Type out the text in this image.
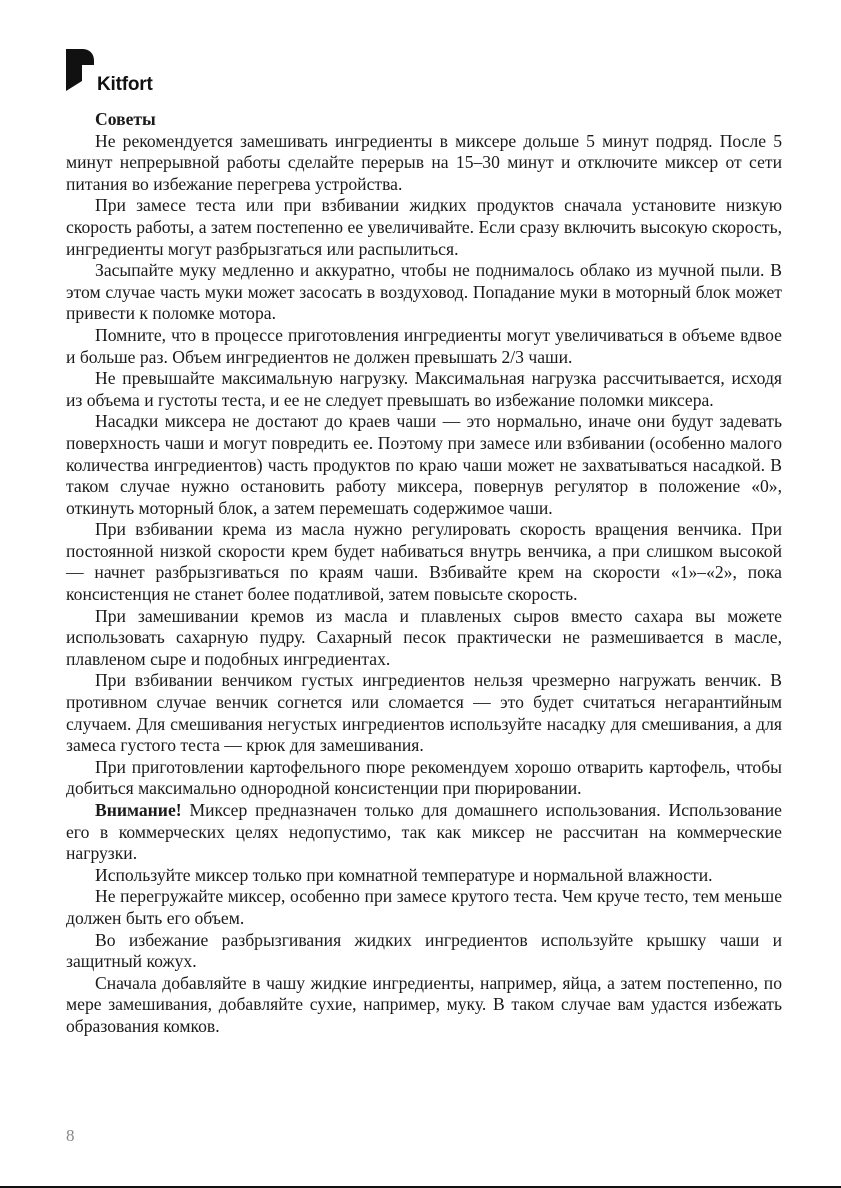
Kitfort
Советы

Не рекомендуется замешивать ингредиенты в миксере дольше 5 минут подряд. После 5 минут непрерывной работы сделайте перерыв на 15–30 минут и отключите миксер от сети питания во избежание перегрева устройства.

При замесе теста или при взбивании жидких продуктов сначала установите низкую скорость работы, а затем постепенно ее увеличивайте. Если сразу включить высокую скорость, ингредиенты могут разбрызгаться или распылиться.

Засыпайте муку медленно и аккуратно, чтобы не поднималось облако из мучной пыли. В этом случае часть муки может засосать в воздуховод. Попадание муки в моторный блок может привести к поломке мотора.

Помните, что в процессе приготовления ингредиенты могут увеличиваться в объеме вдвое и больше раз. Объем ингредиентов не должен превышать 2/3 чаши.

Не превышайте максимальную нагрузку. Максимальная нагрузка рассчитывается, исходя из объема и густоты теста, и ее не следует превышать во избежание поломки миксера.

Насадки миксера не достают до краев чаши — это нормально, иначе они будут задевать поверхность чаши и могут повредить ее. Поэтому при замесе или взбивании (особенно малого количества ингредиентов) часть продуктов по краю чаши может не захватываться насадкой. В таком случае нужно остановить работу миксера, повернув регулятор в положение «0», откинуть моторный блок, а затем перемешать содержимое чаши.

При взбивании крема из масла нужно регулировать скорость вращения венчика. При постоянной низкой скорости крем будет набиваться внутрь венчика, а при слишком высокой — начнет разбрызгиваться по краям чаши. Взбивайте крем на скорости «1»–«2», пока консистенция не станет более податливой, затем повысьте скорость.

При замешивании кремов из масла и плавленых сыров вместо сахара вы можете использовать сахарную пудру. Сахарный песок практически не размешивается в масле, плавленом сыре и подобных ингредиентах.

При взбивании венчиком густых ингредиентов нельзя чрезмерно нагружать венчик. В противном случае венчик согнется или сломается — это будет считаться негарантийным случаем. Для смешивания негустых ингредиентов используйте насадку для смешивания, а для замеса густого теста — крюк для замешивания.

При приготовлении картофельного пюре рекомендуем хорошо отварить картофель, чтобы добиться максимально однородной консистенции при пюрировании.

Внимание! Миксер предназначен только для домашнего использования. Использование его в коммерческих целях недопустимо, так как миксер не рассчитан на коммерческие нагрузки.

Используйте миксер только при комнатной температуре и нормальной влажности.

Не перегружайте миксер, особенно при замесе крутого теста. Чем круче тесто, тем меньше должен быть его объем.

Во избежание разбрызгивания жидких ингредиентов используйте крышку чаши и защитный кожух.

Сначала добавляйте в чашу жидкие ингредиенты, например, яйца, а затем постепенно, по мере замешивания, добавляйте сухие, например, муку. В таком случае вам удастся избежать образования комков.

8
